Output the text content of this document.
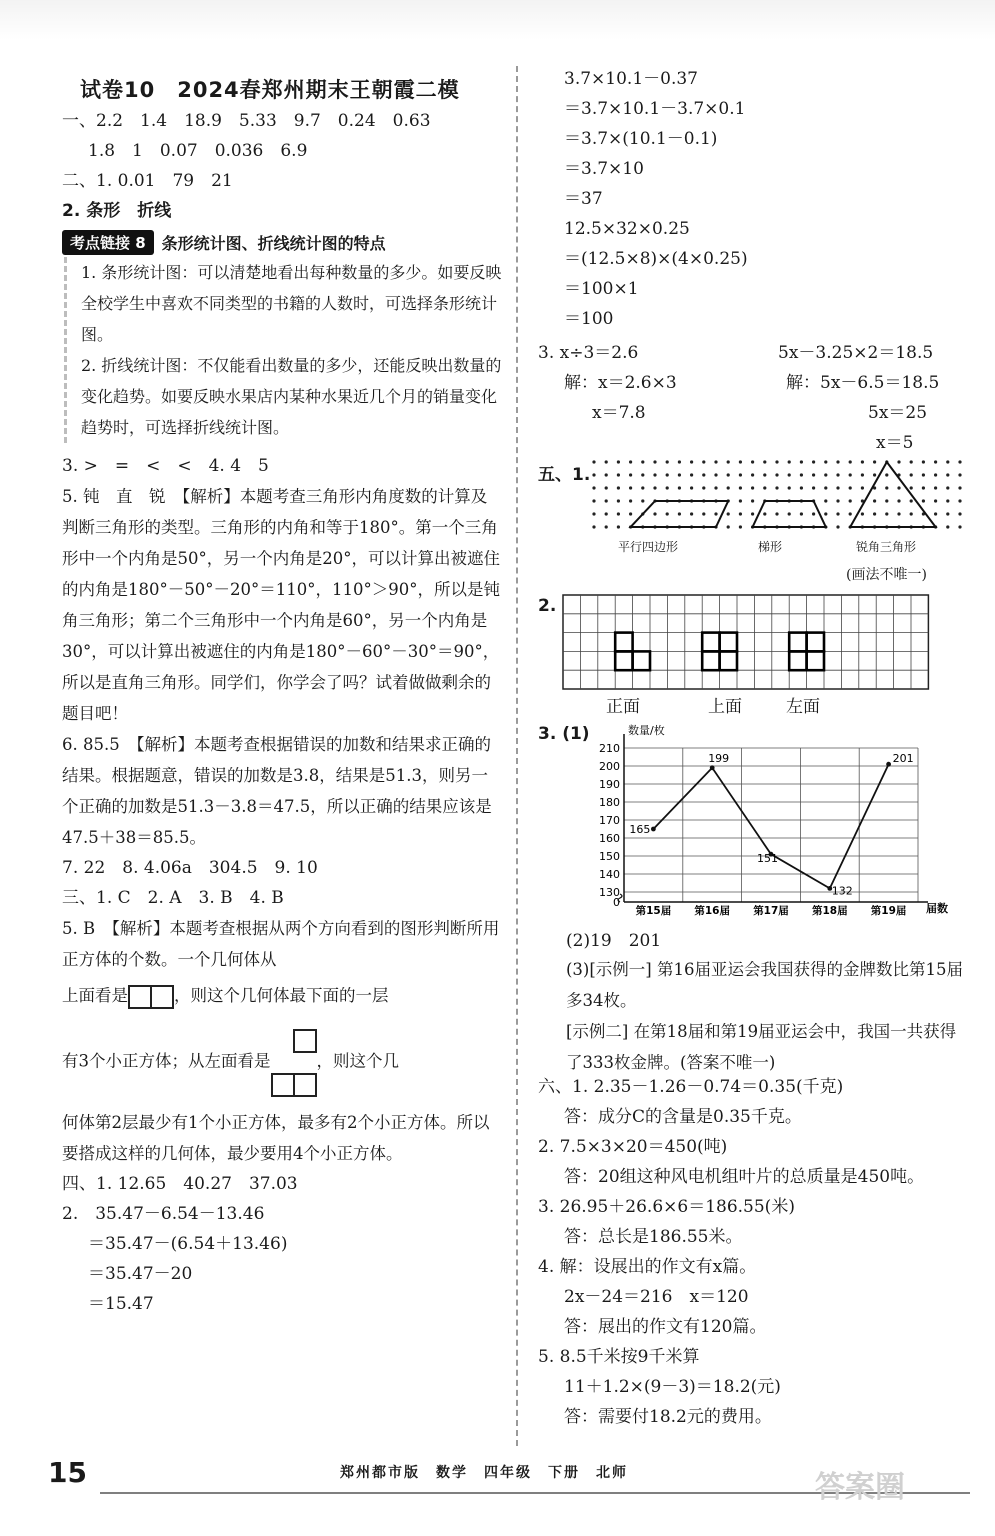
试卷10　2024春郑州期末王朝霞二模
一、2.2　1.4　18.9　5.33　9.7　0.24　0.63
1.8　1　0.07　0.036　6.9
二、1. 0.01　79　21
2. 条形　折线
考点链接 8	条形统计图、折线统计图的特点
1. 条形统计图：可以清楚地看出每种数量的多少。如要反映全校学生中喜欢不同类型的书籍的人数时，可选择条形统计图。
2. 折线统计图：不仅能看出数量的多少，还能反映出数量的变化趋势。如要反映水果店内某种水果近几个月的销量变化趋势时，可选择折线统计图。
3. >　=　<　<　4. 4　5
5. 钝　直　锐　【解析】本题考查三角形内角度数的计算及判断三角形的类型。三角形的内角和等于180°。第一个三角形中一个内角是50°，另一个内角是20°，可以计算出被遮住的内角是180°－50°－20°＝110°，110°＞90°，所以是钝角三角形；第二个三角形中一个内角是60°，另一个内角是30°，可以计算出被遮住的内角是180°－60°－30°＝90°，所以是直角三角形。同学们，你学会了吗？试着做做剩余的题目吧！
6. 85.5　【解析】本题考查根据错误的加数和结果求正确的结果。根据题意，错误的加数是3.8，结果是51.3，则另一个正确的加数是51.3－3.8＝47.5，所以正确的结果应该是47.5＋38＝85.5。
7. 22　8. 4.06a　304.5　9. 10
三、1. C　2. A　3. B　4. B
5. B　【解析】本题考查根据从两个方向看到的图形判断所用正方体的个数。一个几何体从
上面看是	，则这个几何体最下面的一层
有3个小正方体；从左面看是	，则这个几
何体第2层最少有1个小正方体，最多有2个小正方体。所以要搭成这样的几何体，最少要用4个小正方体。
四、1. 12.65　40.27　37.03
2.　35.47－6.54－13.46
＝35.47－(6.54＋13.46)
＝35.47－20
＝15.47
3.7×10.1－0.37
＝3.7×10.1－3.7×0.1
＝3.7×(10.1－0.1)
＝3.7×10
＝37
12.5×32×0.25
＝(12.5×8)×(4×0.25)
＝100×1
＝100
3. x÷3＝2.6
解：x＝2.6×3
x＝7.8
5x－3.25×2＝18.5
解：5x－6.5＝18.5
5x＝25
x＝5
五、1.
平行四边形	梯形	锐角三角形
(画法不唯一)
2.
正面	上面	左面
3. (1)	数量/枚
届数
0
130
140
150
160
170
180
190
200
210
第15届 第16届 第17届 第18届 第19届
165
199
151
132
201
(2)19　201
(3)[示例一] 第16届亚运会我国获得的金牌数比第15届多34枚。
[示例二] 在第18届和第19届亚运会中，我国一共获得了333枚金牌。(答案不唯一)
六、1. 2.35－1.26－0.74＝0.35(千克)
答：成分C的含量是0.35千克。
2. 7.5×3×20＝450(吨)
答：20组这种风电机组叶片的总质量是450吨。
3. 26.95＋26.6×6＝186.55(米)
答：总长是186.55米。
4. 解：设展出的作文有x篇。
2x－24＝216　x＝120
答：展出的作文有120篇。
5. 8.5千米按9千米算
11＋1.2×(9－3)＝18.2(元)
答：需要付18.2元的费用。
15	郑州都市版　数学　四年级　下册　北师	答案圈
